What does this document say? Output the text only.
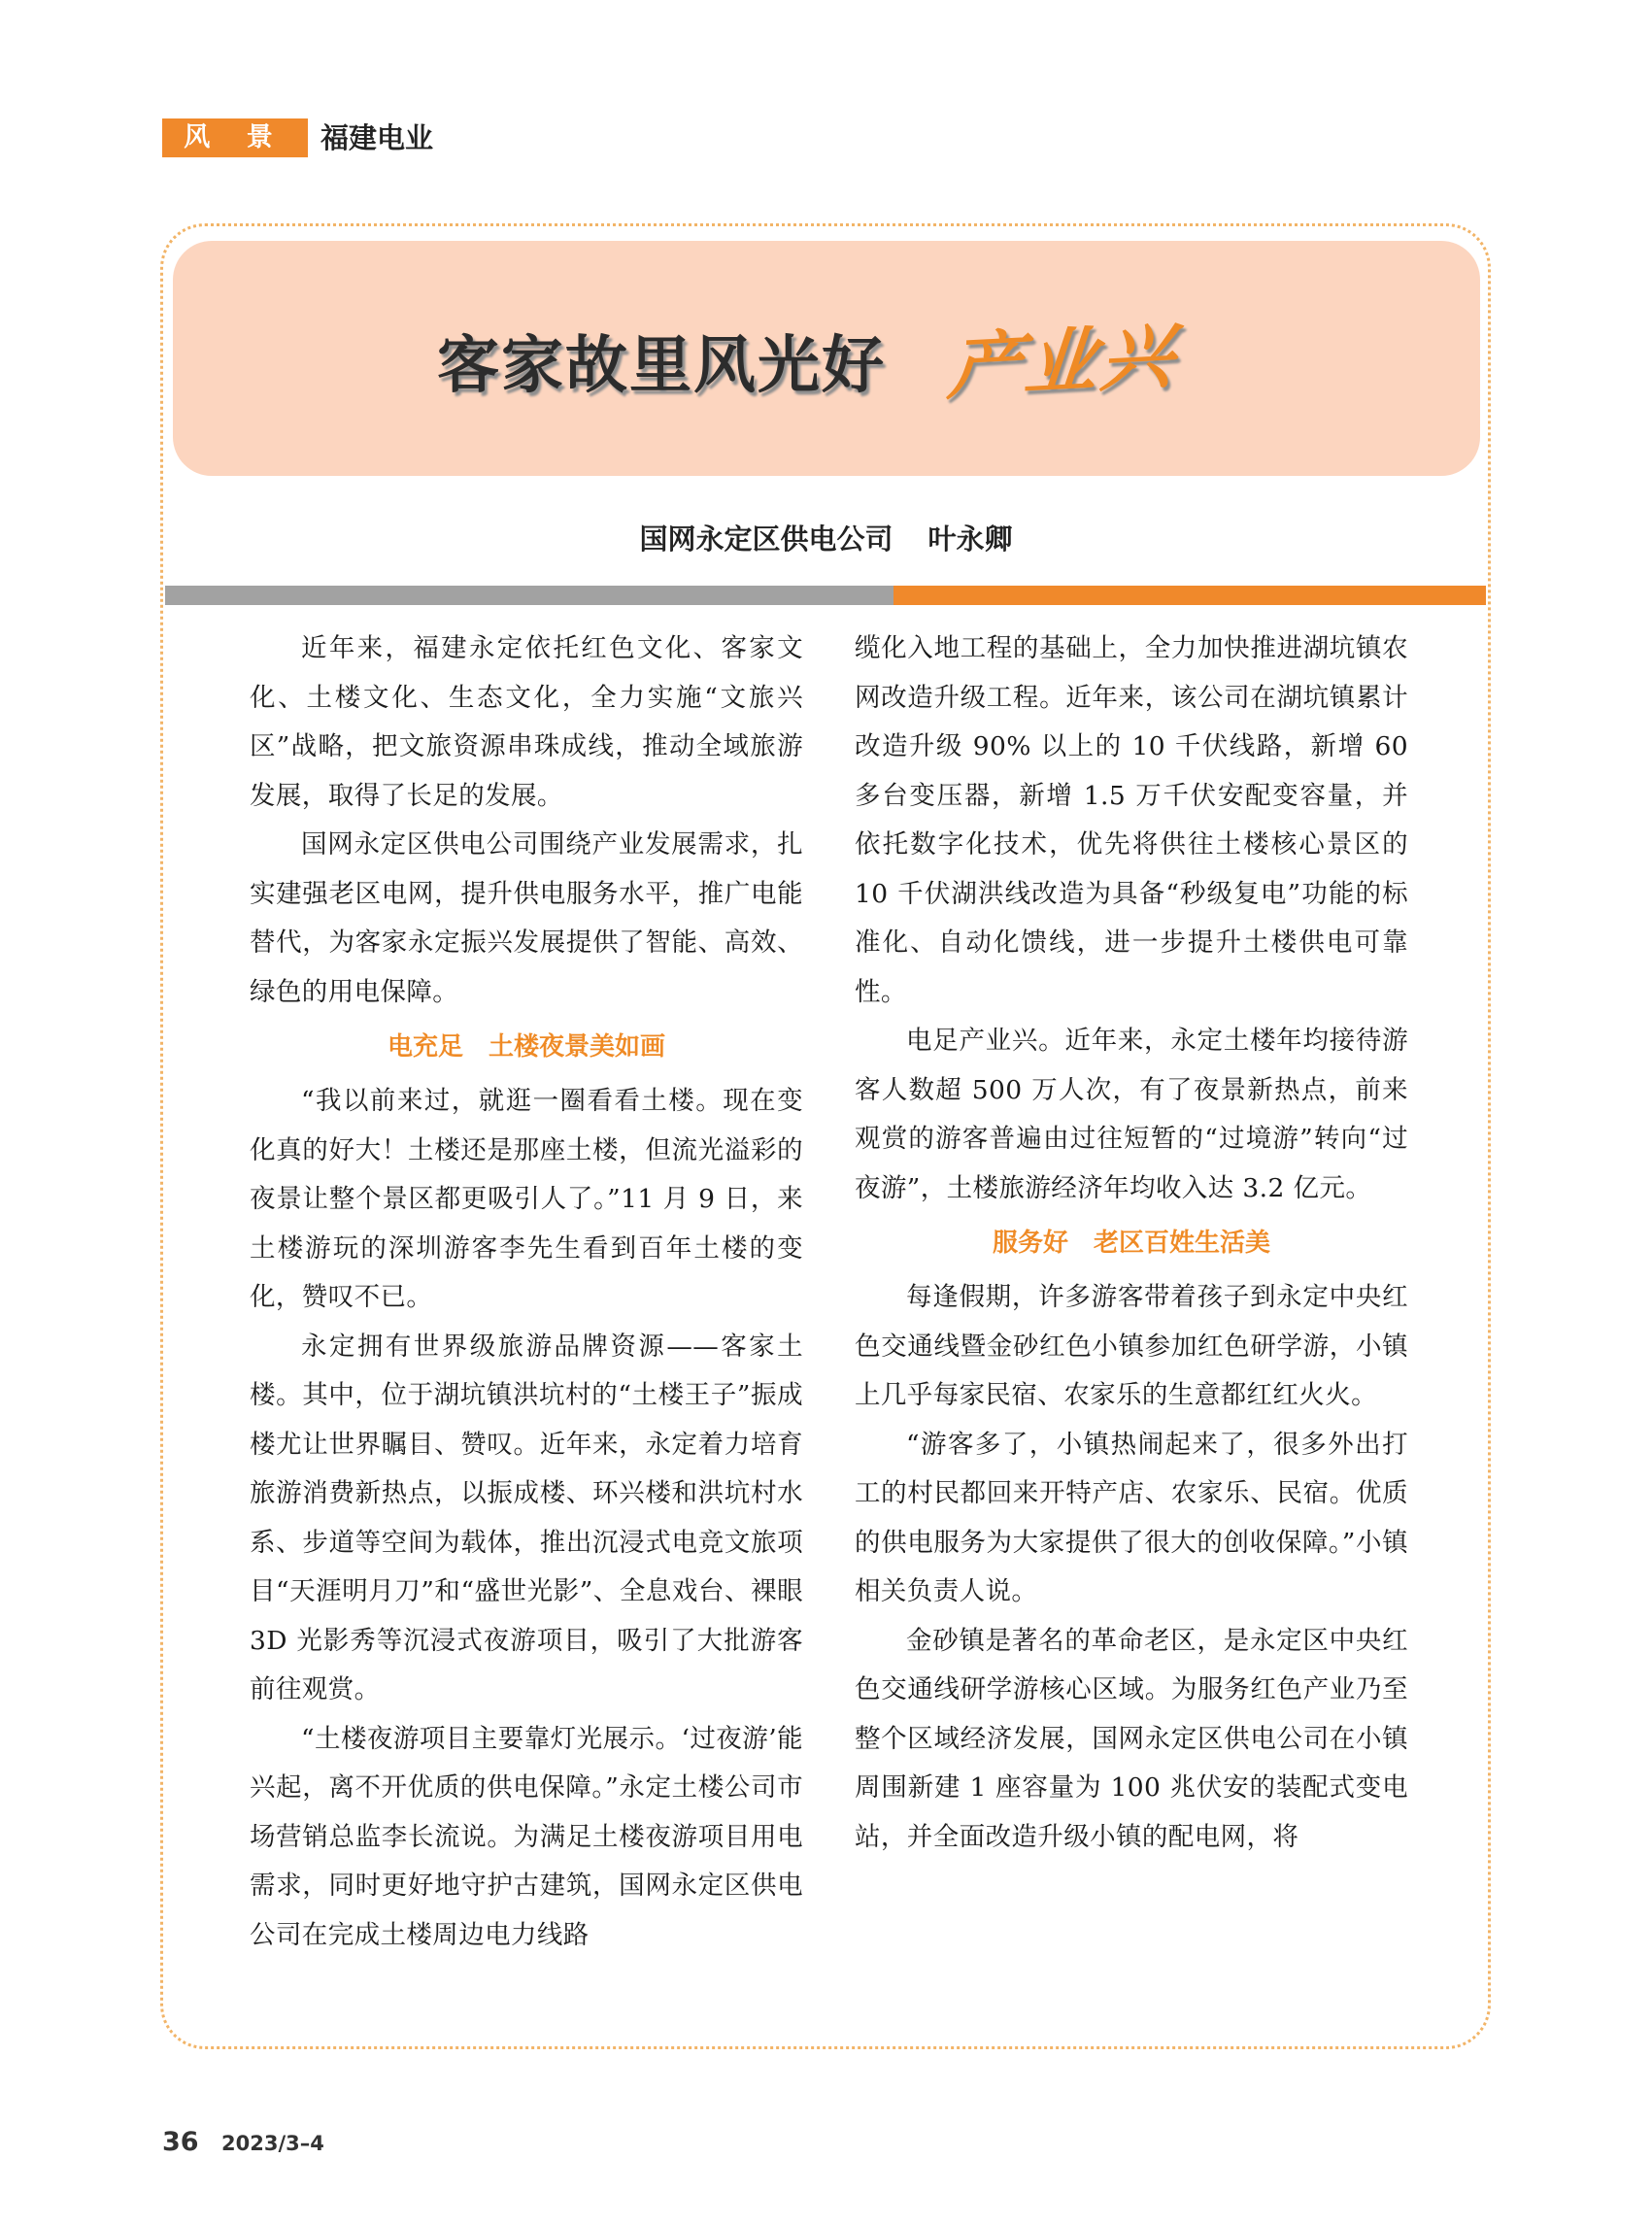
风 景 线
福建电业
客家故里风光好 产业兴
国网永定区供电公司 叶永卿

近年来，福建永定依托红色文化、客家文化、土楼文化、生态文化，全力实施“文旅兴区”战略，把文旅资源串珠成线，推动全域旅游发展，取得了长足的发展。

国网永定区供电公司围绕产业发展需求，扎实建强老区电网，提升供电服务水平，推广电能替代，为客家永定振兴发展提供了智能、高效、绿色的用电保障。

电充足　土楼夜景美如画

“我以前来过，就逛一圈看看土楼。现在变化真的好大！土楼还是那座土楼，但流光溢彩的夜景让整个景区都更吸引人了。”11 月 9 日，来土楼游玩的深圳游客李先生看到百年土楼的变化，赞叹不已。

永定拥有世界级旅游品牌资源——客家土楼。其中，位于湖坑镇洪坑村的“土楼王子”振成楼尤让世界瞩目、赞叹。近年来，永定着力培育旅游消费新热点，以振成楼、环兴楼和洪坑村水系、步道等空间为载体，推出沉浸式电竞文旅项目“天涯明月刀”和“盛世光影”、全息戏台、裸眼 3D 光影秀等沉浸式夜游项目，吸引了大批游客前往观赏。

“土楼夜游项目主要靠灯光展示。‘过夜游’能兴起，离不开优质的供电保障。”永定土楼公司市场营销总监李长流说。为满足土楼夜游项目用电需求，同时更好地守护古建筑，国网永定区供电公司在完成土楼周边电力线路

缆化入地工程的基础上，全力加快推进湖坑镇农网改造升级工程。近年来，该公司在湖坑镇累计改造升级 90% 以上的 10 千伏线路，新增 60 多台变压器，新增 1.5 万千伏安配变容量，并依托数字化技术，优先将供往土楼核心景区的 10 千伏湖洪线改造为具备“秒级复电”功能的标准化、自动化馈线，进一步提升土楼供电可靠性。

电足产业兴。近年来，永定土楼年均接待游客人数超 500 万人次，有了夜景新热点，前来观赏的游客普遍由过往短暂的“过境游”转向“过夜游”，土楼旅游经济年均收入达 3.2 亿元。

服务好　老区百姓生活美

每逢假期，许多游客带着孩子到永定中央红色交通线暨金砂红色小镇参加红色研学游，小镇上几乎每家民宿、农家乐的生意都红红火火。

“游客多了，小镇热闹起来了，很多外出打工的村民都回来开特产店、农家乐、民宿。优质的供电服务为大家提供了很大的创收保障。”小镇相关负责人说。

金砂镇是著名的革命老区，是永定区中央红色交通线研学游核心区域。为服务红色产业乃至整个区域经济发展，国网永定区供电公司在小镇周围新建 1 座容量为 100 兆伏安的装配式变电站，并全面改造升级小镇的配电网，将

36 2023/3–4
